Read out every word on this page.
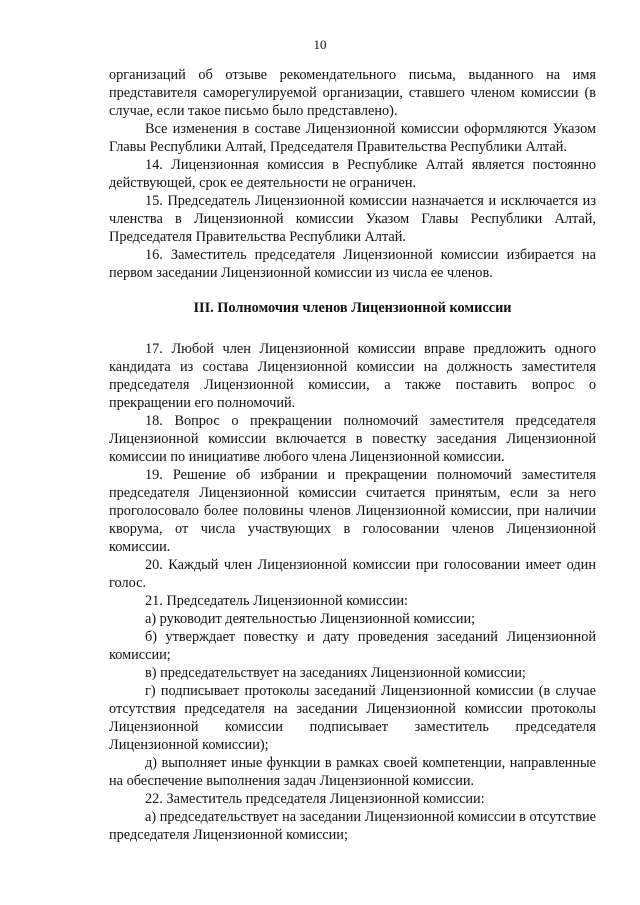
10

организаций об отзыве рекомендательного письма, выданного на имя представителя саморегулируемой организации, ставшего членом комиссии (в случае, если такое письмо было представлено).

Все изменения в составе Лицензионной комиссии оформляются Указом Главы Республики Алтай, Председателя Правительства Республики Алтай.

14. Лицензионная комиссия в Республике Алтай является постоянно действующей, срок ее деятельности не ограничен.

15. Председатель Лицензионной комиссии назначается и исключается из членства в Лицензионной комиссии Указом Главы Республики Алтай, Председателя Правительства Республики Алтай.

16. Заместитель председателя Лицензионной комиссии избирается на первом заседании Лицензионной комиссии из числа ее членов.

III. Полномочия членов Лицензионной комиссии

17. Любой член Лицензионной комиссии вправе предложить одного кандидата из состава Лицензионной комиссии на должность заместителя председателя Лицензионной комиссии, а также поставить вопрос о прекращении его полномочий.

18. Вопрос о прекращении полномочий заместителя председателя Лицензионной комиссии включается в повестку заседания Лицензионной комиссии по инициативе любого члена Лицензионной комиссии.

19. Решение об избрании и прекращении полномочий заместителя председателя Лицензионной комиссии считается принятым, если за него проголосовало более половины членов Лицензионной комиссии, при наличии кворума, от числа участвующих в голосовании членов Лицензионной комиссии.

20. Каждый член Лицензионной комиссии при голосовании имеет один голос.

21. Председатель Лицензионной комиссии:

а) руководит деятельностью Лицензионной комиссии;

б) утверждает повестку и дату проведения заседаний Лицензионной комиссии;

в) председательствует на заседаниях Лицензионной комиссии;

г) подписывает протоколы заседаний Лицензионной комиссии (в случае отсутствия председателя на заседании Лицензионной комиссии протоколы Лицензионной комиссии подписывает заместитель председателя Лицензионной комиссии);

д) выполняет иные функции в рамках своей компетенции, направленные на обеспечение выполнения задач Лицензионной комиссии.

22. Заместитель председателя Лицензионной комиссии:

а) председательствует на заседании Лицензионной комиссии в отсутствие председателя Лицензионной комиссии;
